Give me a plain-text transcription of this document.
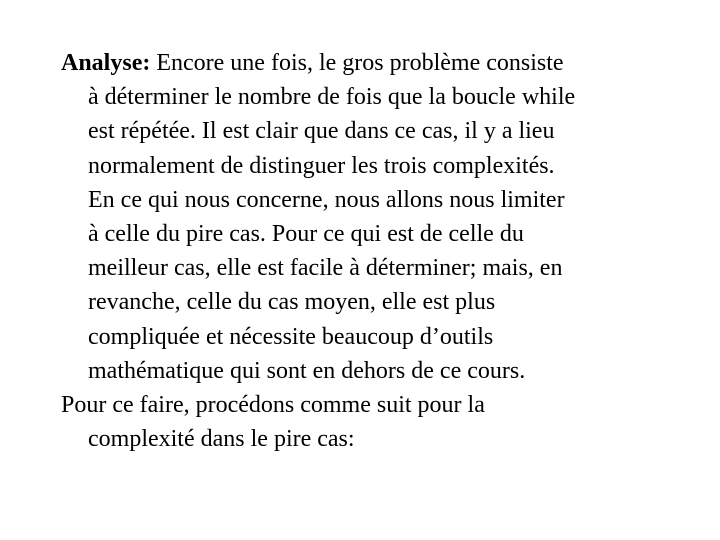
Analyse: Encore une fois, le gros problème consiste
à déterminer le nombre de fois que la boucle while
est répétée. Il est clair que dans ce cas, il y a lieu
normalement de distinguer les trois complexités.
En ce qui nous concerne, nous allons nous limiter
à celle du pire cas. Pour ce qui est de celle du
meilleur cas, elle est facile à déterminer; mais, en
revanche, celle du cas moyen, elle est plus
compliquée et nécessite beaucoup d’outils
mathématique qui sont en dehors de ce cours.

Pour ce faire, procédons comme suit pour la
complexité dans le pire cas:
